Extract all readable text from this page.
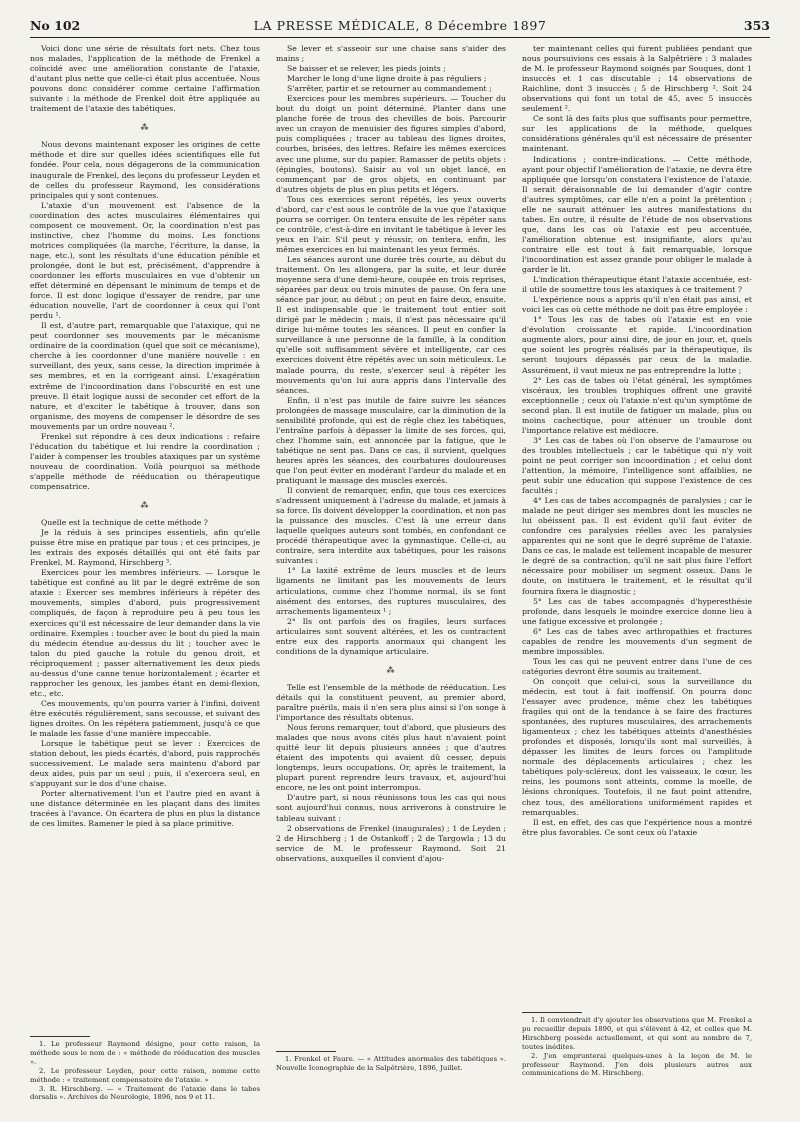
No 102	LA PRESSE MÉDICALE, 8 Décembre 1897	353

Voici donc une série de résultats fort nets. Chez tous nos malades, l'application de la méthode de Frenkel a coïncidé avec une amélioration constante de l'ataxie, d'autant plus nette que celle-ci était plus accentuée. Nous pouvons donc considérer comme certaine l'affirmation suivante : la méthode de Frenkel doit être appliquée au traitement de l'ataxie des tabétiques.

⁂

Nous devons maintenant exposer les origines de cette méthode et dire sur quelles idées scientifiques elle fut fondée. Pour cela, nous dégagerons de la communication inaugurale de Frenkel, des leçons du professeur Leyden et de celles du professeur Raymond, les considérations principales qui y sont contenues.

L'ataxie d'un mouvement est l'absence de la coordination des actes musculaires élémentaires qui composent ce mouvement. Or, la coordination n'est pas instinctive, chez l'homme du moins. Les fonctions motrices compliquées (la marche, l'écriture, la danse, la nage, etc.), sont les résultats d'une éducation pénible et prolongée, dont le but est, précisément, d'apprendre à coordonner les efforts musculaires en vue d'obtenir un effet déterminé en dépensant le minimum de temps et de force. Il est donc logique d'essayer de rendre, par une éducation nouvelle, l'art de coordonner à ceux qui l'ont perdu ¹.

Il est, d'autre part, remarquable que l'ataxique, qui ne peut coordonner ses mouvements par le mécanisme ordinaire de la coordination (quel que soit ce mécanisme), cherche à les coordonner d'une manière nouvelle : en surveillant, des yeux, sans cesse, la direction imprimée à ses membres, et en la corrigeant ainsi. L'exagération extrême de l'incoordination dans l'obscurité en est une preuve. Il était logique aussi de seconder cet effort de la nature, et d'exciter le tabétique à trouver, dans son organisme, des moyens de compenser le désordre de ses mouvements par un ordre nouveau ².

Frenkel sut répondre à ces deux indications : refaire l'éducation du tabétique et lui rendre la coordination ; l'aider à compenser les troubles ataxiques par un système nouveau de coordination. Voilà pourquoi sa méthode s'appelle méthode de rééducation ou thérapeutique compensatrice.

⁂

Quelle est la technique de cette méthode ?

Je la réduis à ses principes essentiels, afin qu'elle puisse être mise en pratique par tous ; et ces principes, je les extrais des exposés détaillés qui ont été faits par Frenkel, M. Raymond, Hirschberg ³.

Exercices pour les membres inférieurs. — Lorsque le tabétique est confiné au lit par le degré extrême de son ataxie : Exercer ses membres inférieurs à répéter des mouvements, simples d'abord, puis progressivement compliqués, de façon à reproduire peu à peu tous les exercices qu'il est nécessaire de leur demander dans la vie ordinaire. Exemples : toucher avec le bout du pied la main du médecin étendue au-dessus du lit ; toucher avec le talon du pied gauche la rotule du genou droit, et réciproquement ; passer alternativement les deux pieds au-dessus d'une canne tenue horizontalement ; écarter et rapprocher les genoux, les jambes étant en demi-flexion, etc., etc.

Ces mouvements, qu'on pourra varier à l'infini, doivent être exécutés régulièrement, sans secousse, et suivant des lignes droites. On les répétera patiemment, jusqu'à ce que le malade les fasse d'une manière impeccable.

Lorsque le tabétique peut se lever : Exercices de station debout, les pieds écartés, d'abord, puis rapprochés successivement. Le malade sera maintenu d'abord par deux aides, puis par un seul ; puis, il s'exercera seul, en s'appuyant sur le dos d'une chaise.

Porter alternativement l'un et l'autre pied en avant à une distance déterminée en les plaçant dans des limites tracées à l'avance. On écartera de plus en plus la distance de ces limites. Ramener le pied à sa place primitive.

1. Le professeur Raymond désigne, pour cette raison, la méthode sous le nom de : « méthode de rééducation des muscles ».

2. Le professeur Leyden, pour cette raison, nomme cette méthode : « traitement compensatoire de l'ataxie. »

3. R. Hirschberg. — « Traitement de l'ataxie dans le tabes dorsalis ». Archives de Neurologie, 1896, nos 9 et 11.

Se lever et s'asseoir sur une chaise sans s'aider des mains ;

Se baisser et se relever, les pieds joints ;

Marcher le long d'une ligne droite à pas réguliers ;

S'arrêter, partir et se retourner au commandement ;

Exercices pour les membres supérieurs. — Toucher du bout du doigt un point déterminé. Planter dans une planche forée de trous des chevilles de bois. Parcourir avec un crayon de menuisier des figures simples d'abord, puis compliquées ; tracer au tableau des lignes droites, courbes, brisées, des lettres. Refaire les mêmes exercices avec une plume, sur du papier. Ramasser de petits objets : (épingles, boutons). Saisir au vol un objet lancé, en commençant par de gros objets, en continuant par d'autres objets de plus en plus petits et légers.

Tous ces exercices seront répétés, les yeux ouverts d'abord, car c'est sous le contrôle de la vue que l'ataxique pourra se corriger. On tentera ensuite de les répéter sans ce contrôle, c'est-à-dire en invitant le tabétique à lever les yeux en l'air. S'il peut y réussir, on tentera, enfin, les mêmes exercices en lui maintenant les yeux fermés.

Les séances auront une durée très courte, au début du traitement. On les allongera, par la suite, et leur durée moyenne sera d'une demi-heure, coupée en trois reprises, séparées par deux ou trois minutes de pause. On fera une séance par jour, au début ; on peut en faire deux, ensuite. Il est indispensable que le traitement tout entier soit dirigé par le médecin ; mais, il n'est pas nécessaire qu'il dirige lui-même toutes les séances. Il peut en confier la surveillance à une personne de la famille, à la condition qu'elle soit suffisamment sévère et intelligente, car ces exercices doivent être répétés avec un soin méticuleux. Le malade pourra, du reste, s'exercer seul à répéter les mouvements qu'on lui aura appris dans l'intervalle des séances.

Enfin, il n'est pas inutile de faire suivre les séances prolongées de massage musculaire, car la diminution de la sensibilité profonde, qui est de règle chez les tabétiques, l'entraîne parfois à dépasser la limite de ses forces, qui, chez l'homme sain, est annoncée par la fatigue, que le tabétique ne sent pas. Dans ce cas, il survient, quelques heures après les séances, des courbatures douloureuses que l'on peut éviter en modérant l'ardeur du malade et en pratiquant le massage des muscles exercés.

Il convient de remarquer, enfin, que tous ces exercices s'adressent uniquement à l'adresse du malade, et jamais à sa force. Ils doivent développer la coordination, et non pas la puissance des muscles. C'est là une erreur dans laquelle quelques auteurs sont tombés, en confondant ce procédé thérapeutique avec la gymnastique. Celle-ci, au contraire, sera interdite aux tabétiques, pour les raisons suivantes :

1° La laxité extrême de leurs muscles et de leurs ligaments ne limitant pas les mouvements de leurs articulations, comme chez l'homme normal, ils se font aisément des entorses, des ruptures musculaires, des arrachements ligamenteux ¹ ;

2° Ils ont parfois des os fragiles, leurs surfaces articulaires sont souvent altérées, et les os contractent entre eux des rapports anormaux qui changent les conditions de la dynamique articulaire.

⁂

Telle est l'ensemble de la méthode de rééducation. Les détails qui la constituent peuvent, au premier abord, paraître puérils, mais il n'en sera plus ainsi si l'on songe à l'importance des résultats obtenus.

Nous ferons remarquer, tout d'abord, que plusieurs des malades que nous avons cités plus haut n'avaient point quitté leur lit depuis plusieurs années ; que d'autres étaient des impotents qui avaient dû cesser, depuis longtemps, leurs occupations. Or, après le traitement, la plupart purent reprendre leurs travaux, et, aujourd'hui encore, ne les ont point interrompus.

D'autre part, si nous réunissons tous les cas qui nous sont aujourd'hui connus, nous arriverons à construire le tableau suivant :

2 observations de Frenkel (inaugurales) ; 1 de Leyden ; 2 de Hirschberg ; 1 de Ostankoff ; 2 de Targowla ; 13 du service de M. le professeur Raymond. Soit 21 observations, auxquelles il convient d'ajou-

1. Frenkel et Faure. — « Attitudes anormales des tabétiques ». Nouvelle Iconographie de la Salpêtrière, 1896, Juillet.

ter maintenant celles qui furent publiées pendant que nous poursuivions ces essais à la Salpêtrière : 3 malades de M. le professeur Raymond soignés par Souques, dont 1 insuccès et 1 cas discutable ; 14 observations de Raichline, dont 3 insuccès ; 5 de Hirschberg ². Soit 24 observations qui font un total de 45, avec 5 insuccès seulement ².

Ce sont là des faits plus que suffisants pour permettre, sur les applications de la méthode, quelques considérations générales qu'il est nécessaire de présenter maintenant.

Indications ; contre-indications. — Cette méthode, ayant pour objectif l'amélioration de l'ataxie, ne devra être appliquée que lorsqu'on constatera l'existence de l'ataxie. Il serait déraisonnable de lui demander d'agir contre d'autres symptômes, car elle n'en a point la prétention ; elle ne saurait atténuer les autres manifestations du tabes. En outre, il résulte de l'étude de nos observations que, dans les cas où l'ataxie est peu accentuée, l'amélioration obtenue est insignifiante, alors qu'au contraire elle est tout à fait remarquable, lorsque l'incoordination est assez grande pour obliger le malade à garder le lit.

L'indication thérapeutique étant l'ataxie accentuée, est-il utile de soumettre tous les ataxiques à ce traitement ?

L'expérience nous a appris qu'il n'en était pas ainsi, et voici les cas où cette méthode ne doit pas être employée :

1° Tous les cas de tabes où l'ataxie est en voie d'évolution croissante et rapide. L'incoordination augmente alors, pour ainsi dire, de jour en jour, et, quels que soient les progrès réalisés par la thérapeutique, ils seront toujours dépassés par ceux de la maladie. Assurément, il vaut mieux ne pas entreprendre la lutte ;

2° Les cas de tabes où l'état général, les symptômes viscéraux, les troubles trophiques offrent une gravité exceptionnelle ; ceux où l'ataxie n'est qu'un symptôme de second plan. Il est inutile de fatiguer un malade, plus ou moins cachectique, pour atténuer un trouble dont l'importance relative est médiocre.

3° Les cas de tabes où l'on observe de l'amaurose ou des troubles intellectuels ; car le tabétique qui n'y voit point ne peut corriger son incoordination ; et celui dont l'attention, la mémoire, l'intelligence sont affaiblies, ne peut subir une éducation qui suppose l'existence de ces facultés ;

4° Les cas de tabes accompagnés de paralysies ; car le malade ne peut diriger ses membres dont les muscles ne lui obéissent pas. Il est évident qu'il faut éviter de confondre ces paralysies réelles avec les paralysies apparentes qui ne sont que le degré suprême de l'ataxie. Dans ce cas, le malade est tellement incapable de mesurer le degré de sa contraction, qu'il ne sait plus faire l'effort nécessaire pour mobiliser un segment osseux. Dans le doute, on instituera le traitement, et le résultat qu'il fournira fixera le diagnostic ;

5° Les cas de tabes accompagnés d'hyperesthésie profonde, dans lesquels le moindre exercice donne lieu à une fatigue excessive et prolongée ;

6° Les cas de tabes avec arthropathies et fractures capables de rendre les mouvements d'un segment de membre impossibles.

Tous les cas qui ne peuvent entrer dans l'une de ces catégories devront être soumis au traitement.

On conçoit que celui-ci, sous la surveillance du médecin, est tout à fait inoffensif. On pourra donc l'essayer avec prudence, même chez les tabétiques fragiles qui ont de la tendance à se faire des fractures spontanées, des ruptures musculaires, des arrachements ligamenteux ; chez les tabétiques atteints d'anesthésies profondes et disposés, lorsqu'ils sont mal surveillés, à dépasser les limites de leurs forces ou l'amplitude normale des déplacements articulaires ; chez les tabétiques poly-scléreux, dont les vaisseaux, le cœur, les reins, les poumons sont atteints, comme la moelle, de lésions chroniques. Toutefois, il ne faut point attendre, chez tous, des améliorations uniformément rapides et remarquables.

Il est, en effet, des cas que l'expérience nous a montré être plus favorables. Ce sont ceux où l'ataxie

1. Il conviendrait d'y ajouter les observations que M. Frenkel a pu recueillir depuis 1890, et qui s'élèvent à 42, et celles que M. Hirschberg possède actuellement, et qui sont au nombre de 7, toutes inédites.

2. J'en emprunterai quelques-unes à la leçon de M. le professeur Raymond. J'en dois plusieurs autres aux communications de M. Hirschberg.
